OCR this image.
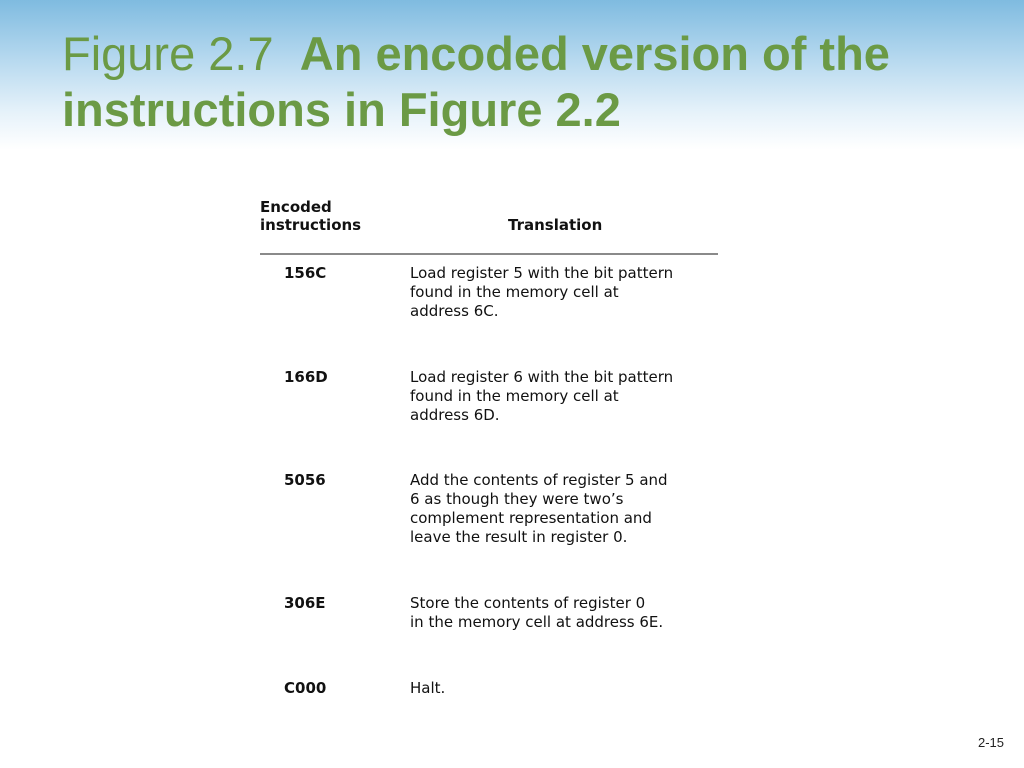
Figure 2.7 An encoded version of the instructions in Figure 2.2
Encoded
instructions	Translation
156C	Load register 5 with the bit pattern
found in the memory cell at
address 6C.
166D	Load register 6 with the bit pattern
found in the memory cell at
address 6D.
5056	Add the contents of register 5 and
6 as though they were two’s
complement representation and
leave the result in register 0.
306E	Store the contents of register 0
in the memory cell at address 6E.
C000	Halt.
2-15
